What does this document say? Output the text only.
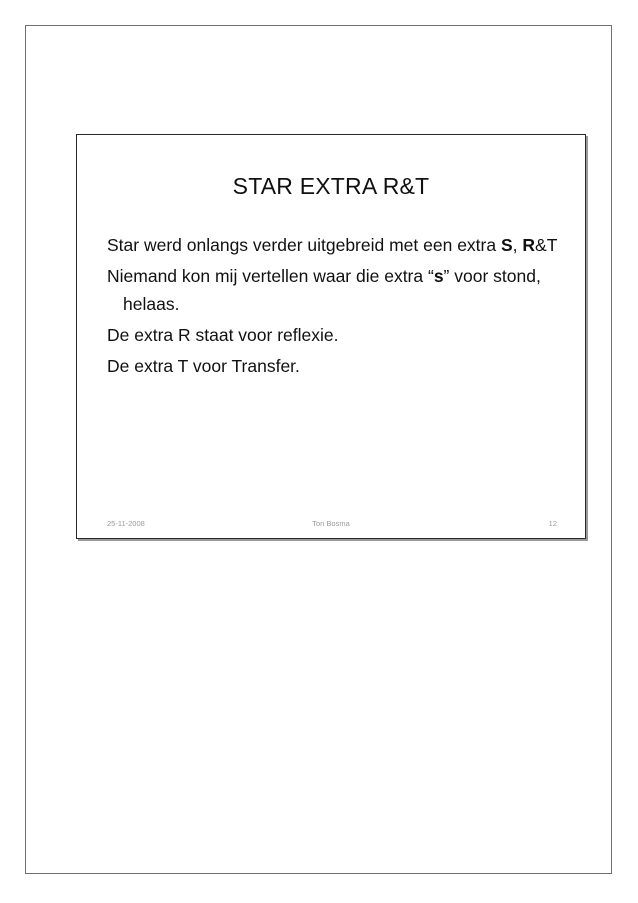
STAR EXTRA R&T

Star werd onlangs verder uitgebreid met een extra S, R&T

Niemand kon mij vertellen waar die extra “s” voor stond, helaas.

De extra R staat voor reflexie.

De extra T voor Transfer.

25-11-2008	Ton Bosma	12
